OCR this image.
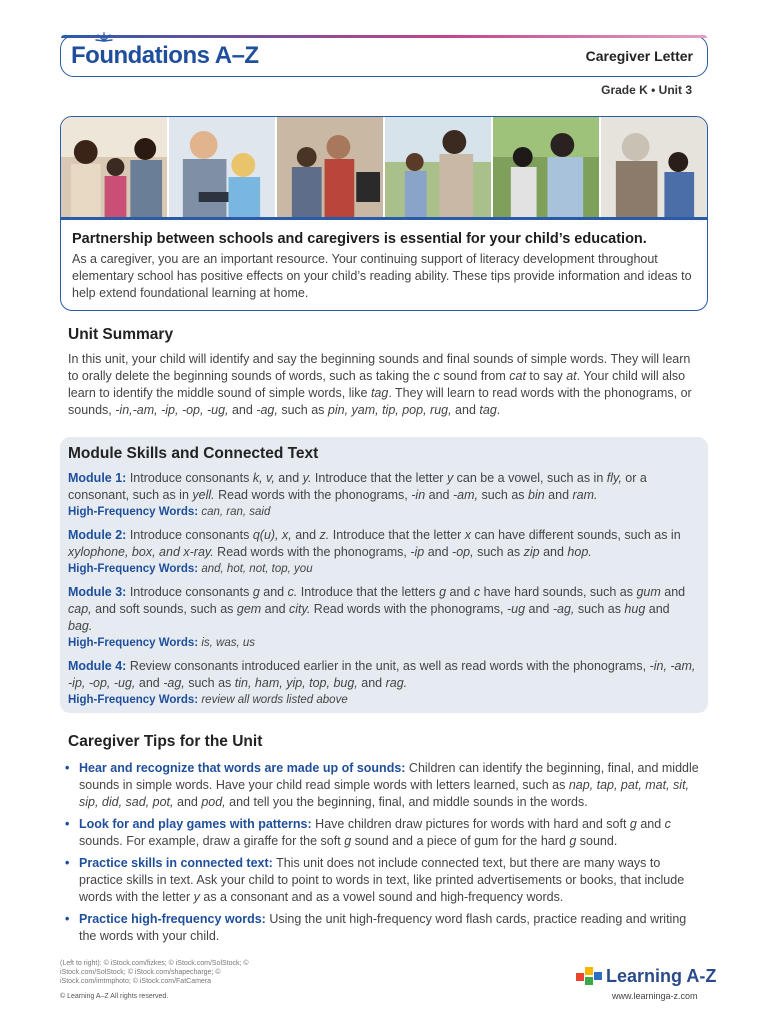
Foundations A–Z	Caregiver Letter
Grade K • Unit 3
Partnership between schools and caregivers is essential for your child’s education.

As a caregiver, you are an important resource. Your continuing support of literacy development throughout elementary school has positive effects on your child’s reading ability. These tips provide information and ideas to help extend foundational learning at home.

Unit Summary

In this unit, your child will identify and say the beginning sounds and final sounds of simple words. They will learn to orally delete the beginning sounds of words, such as taking the c sound from cat to say at. Your child will also learn to identify the middle sound of simple words, like tag. They will learn to read words with the phonograms, or sounds, -in,-am, -ip, -op, -ug, and -ag, such as pin, yam, tip, pop, rug, and tag.

Module Skills and Connected Text
Module 1: Introduce consonants k, v, and y. Introduce that the letter y can be a vowel, such as in fly, or a consonant, such as in yell. Read words with the phonograms, -in and -am, such as bin and ram.
High-Frequency Words: can, ran, said
Module 2: Introduce consonants q(u), x, and z. Introduce that the letter x can have different sounds, such as in xylophone, box, and x-ray. Read words with the phonograms, -ip and -op, such as zip and hop.
High-Frequency Words: and, hot, not, top, you
Module 3: Introduce consonants g and c. Introduce that the letters g and c have hard sounds, such as gum and cap, and soft sounds, such as gem and city. Read words with the phonograms, -ug and -ag, such as hug and bag.
High-Frequency Words: is, was, us
Module 4: Review consonants introduced earlier in the unit, as well as read words with the phonograms, -in, -am, -ip, -op, -ug, and -ag, such as tin, ham, yip, top, bug, and rag.
High-Frequency Words: review all words listed above
Caregiver Tips for the Unit
• Hear and recognize that words are made up of sounds: Children can identify the beginning, final, and middle sounds in simple words. Have your child read simple words with letters learned, such as nap, tap, pat, mat, sit, sip, did, sad, pot, and pod, and tell you the beginning, final, and middle sounds in the words.
• Look for and play games with patterns: Have children draw pictures for words with hard and soft g and c sounds. For example, draw a giraffe for the soft g sound and a piece of gum for the hard g sound.
• Practice skills in connected text: This unit does not include connected text, but there are many ways to practice skills in text. Ask your child to point to words in text, like printed advertisements or books, that include words with the letter y as a consonant and as a vowel sound and high-frequency words.
• Practice high-frequency words: Using the unit high-frequency word flash cards, practice reading and writing the words with your child.
(Left to right): © iStock.com/fizkes; © iStock.com/SolStock; © iStock.com/SolStock; © iStock.com/shapecharge; © iStock.com/imtmphoto; © iStock.com/FatCamera
© Learning A–Z All rights reserved.
Learning A-Z
www.learninga-z.com
